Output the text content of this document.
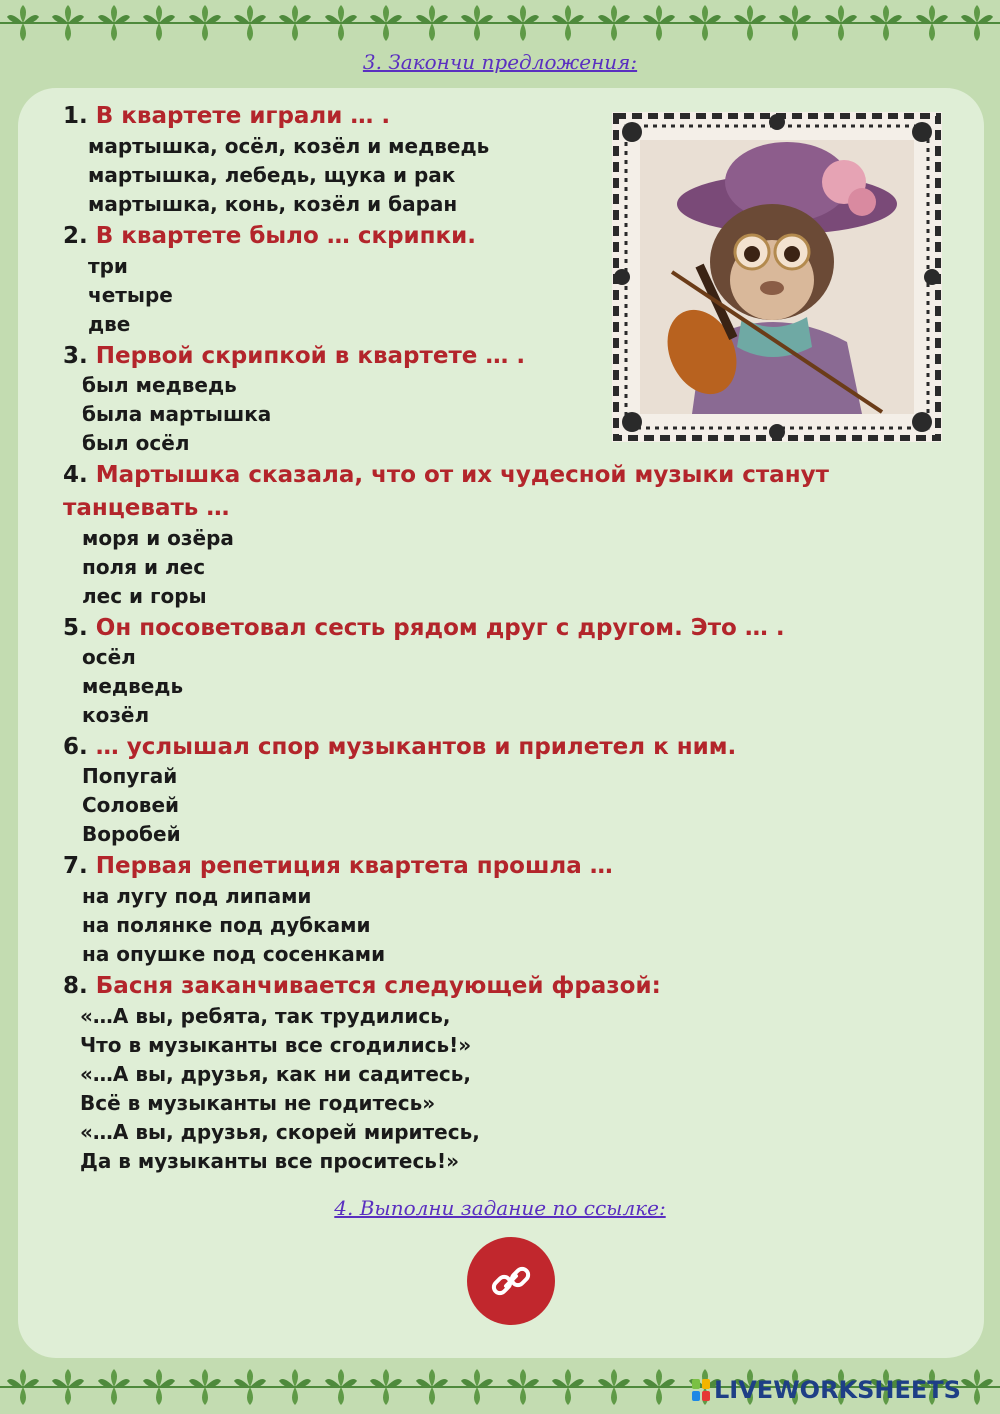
3. Закончи предложения:
1. В квартете играли … .
мартышка, осёл, козёл и медведь
мартышка, лебедь, щука и рак
мартышка, конь, козёл и баран
2. В квартете было … скрипки.
три
четыре
две
3. Первой скрипкой в квартете … .
был медведь
была мартышка
был осёл
4. Мартышка сказала, что от их чудесной музыки станут
танцевать …
моря и озёра
поля и лес
лес и горы
5. Он посоветовал сесть рядом друг с другом. Это … .
осёл
медведь
козёл
6. … услышал спор музыкантов и прилетел к ним.
Попугай
Соловей
Воробей
7. Первая репетиция квартета прошла …
на лугу под липами
на полянке под дубками
на опушке под сосенками
8. Басня заканчивается следующей фразой:
«…А вы, ребята, так трудились,
Что в музыканты все сгодились!»
«…А вы, друзья, как ни садитесь,
Всё в музыканты не годитесь»
«…А вы, друзья, скорей миритесь,
Да в музыканты все проситесь!»
4. Выполни задание по ссылке:
LIVEWORKSHEETS
